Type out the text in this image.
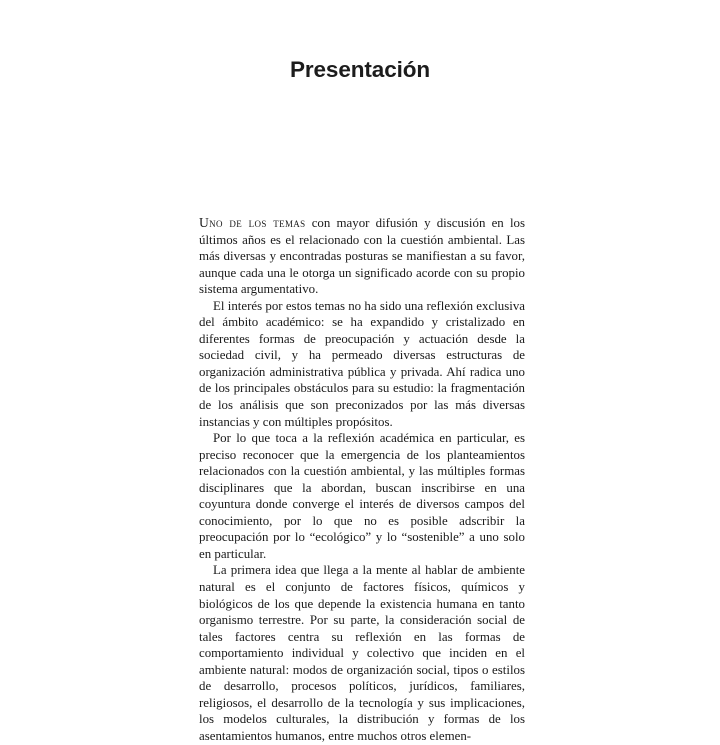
Presentación

Uno de los temas con mayor difusión y discusión en los últimos años es el relacionado con la cuestión ambiental. Las más diversas y encontradas posturas se manifiestan a su favor, aunque cada una le otorga un significado acorde con su propio sistema argumentativo.

El interés por estos temas no ha sido una reflexión exclusiva del ámbito académico: se ha expandido y cristalizado en diferentes formas de preocupación y actuación desde la sociedad civil, y ha permeado diversas estructuras de organización administrativa pública y privada. Ahí radica uno de los principales obstáculos para su estudio: la fragmentación de los análisis que son preconizados por las más diversas instancias y con múltiples propósitos.

Por lo que toca a la reflexión académica en particular, es preciso reconocer que la emergencia de los planteamientos relacionados con la cuestión ambiental, y las múltiples formas disciplinares que la abordan, buscan inscribirse en una coyuntura donde converge el interés de diversos campos del conocimiento, por lo que no es posible adscribir la preocupación por lo “ecológico” y lo “sostenible” a uno solo en particular.

La primera idea que llega a la mente al hablar de ambiente natural es el conjunto de factores físicos, químicos y biológicos de los que depende la existencia humana en tanto organismo terrestre. Por su parte, la consideración social de tales factores centra su reflexión en las formas de comportamiento individual y colectivo que inciden en el ambiente natural: modos de organización social, tipos o estilos de desarrollo, procesos políticos, jurídicos, familiares, religiosos, el desarrollo de la tecnología y sus implicaciones, los modelos culturales, la distribución y formas de los asentamientos humanos, entre muchos otros elemen-
